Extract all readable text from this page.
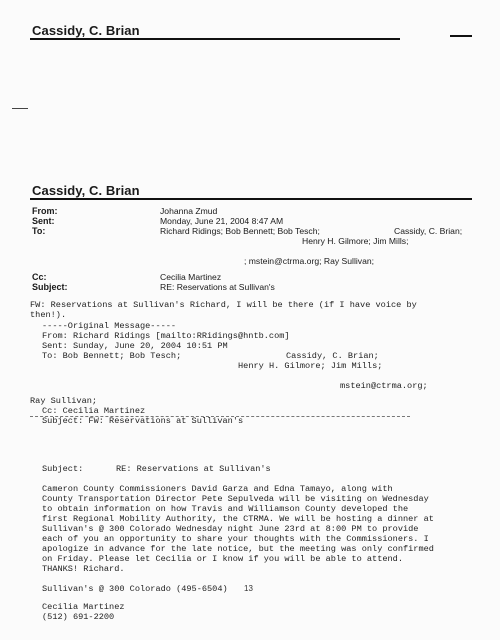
Cassidy, C. Brian
Cassidy, C. Brian
From:	Johanna Zmud
Sent:	Monday, June 21, 2004 8:47 AM
To:	Richard Ridings; Bob Bennett; Bob Tesch;	Cassidy, C. Brian;
Henry H. Gilmore; Jim Mills;
; mstein@ctrma.org; Ray Sullivan;
Cc:	Cecilia Martinez
Subject:	RE: Reservations at Sullivan's
FW: Reservations at Sullivan's Richard, I will be there (if I have voice by
then!).
-----Original Message-----
From: Richard Ridings [mailto:RRidings@hntb.com]
Sent: Sunday, June 20, 2004 10:51 PM
To: Bob Bennett; Bob Tesch;	Cassidy, C. Brian;
Henry H. Gilmore; Jim Mills;
mstein@ctrma.org;
Ray Sullivan;
Cc: Cecilia Martinez
Subject: FW: Reservations at Sullivan's
Subject:	RE: Reservations at Sullivan's
Cameron County Commissioners David Garza and Edna Tamayo, along with
County Transportation Director Pete Sepulveda will be visiting on Wednesday
to obtain information on how Travis and Williamson County developed the
first Regional Mobility Authority, the CTRMA. We will be hosting a dinner at
Sullivan's @ 300 Colorado Wednesday night June 23rd at 8:00 PM to provide
each of you an opportunity to share your thoughts with the Commissioners. I
apologize in advance for the late notice, but the meeting was only confirmed
on Friday. Please let Cecilia or I know if you will be able to attend.
THANKS! Richard.
Sullivan's @ 300 Colorado (495-6504)
Cecilia Martinez
(512) 691-2200
13
